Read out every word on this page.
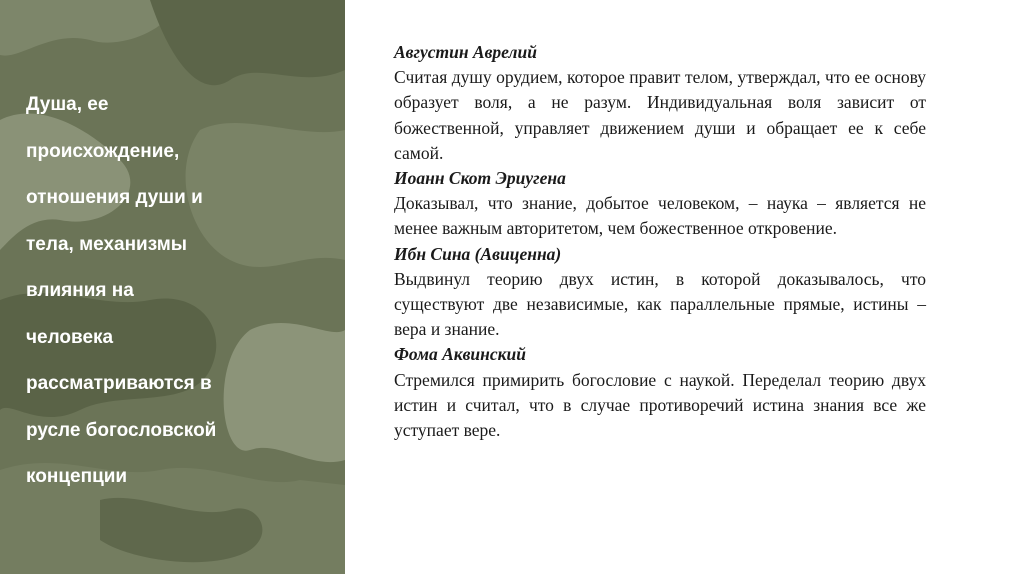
Душа, ее
происхождение,
отношения души и
тела, механизмы
влияния на
человека
рассматриваются в
русле богословской
концепции

Августин Аврелий

Считая душу орудием, которое правит телом, утверждал, что ее основу образует воля, а не разум. Индивидуальная воля зависит от божественной, управляет движением души и обращает ее к себе самой.

Иоанн Скот Эриугена

Доказывал, что знание, добытое человеком, – наука – является не менее важным авторитетом, чем божественное откровение.

Ибн Сина (Авиценна)

Выдвинул теорию двух истин, в которой доказывалось, что существуют две независимые, как параллельные прямые, истины – вера и знание.

Фома Аквинский

Стремился примирить богословие с наукой. Переделал теорию двух истин и считал, что в случае противоречий истина знания все же уступает вере.
